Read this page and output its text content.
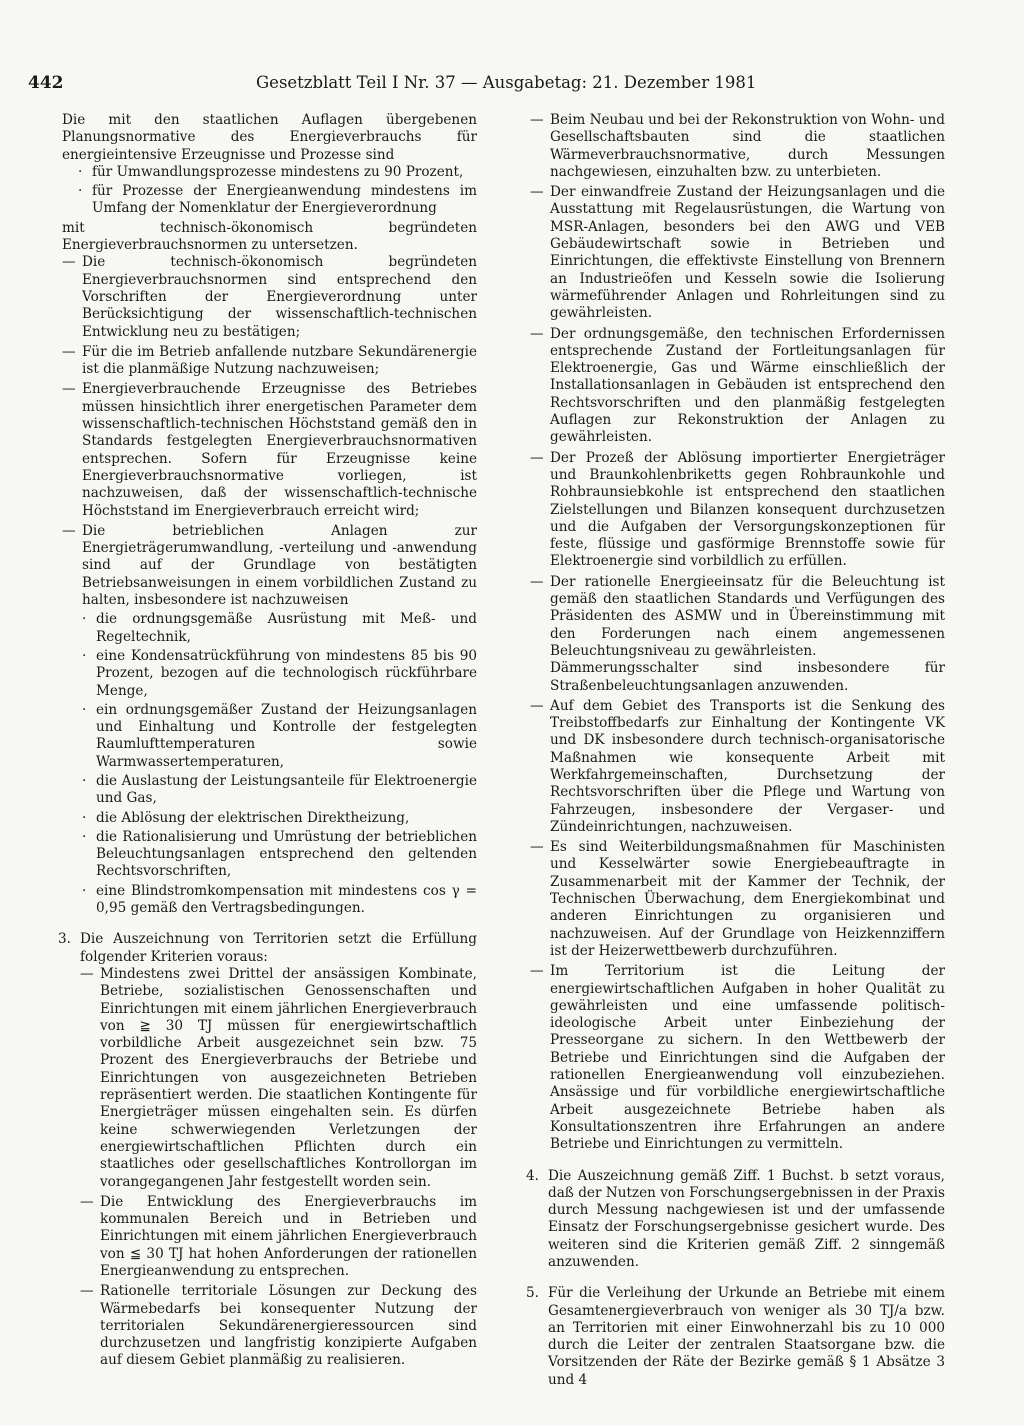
442	Gesetzblatt Teil I Nr. 37 — Ausgabetag: 21. Dezember 1981

Die mit den staatlichen Auflagen übergebenen Planungsnormative des Energieverbrauchs für energieintensive Erzeugnisse und Prozesse sind

· für Umwandlungsprozesse mindestens zu 90 Prozent,
· für Prozesse der Energieanwendung mindestens im Umfang der Nomenklatur der Energieverordnung

mit technisch-ökonomisch begründeten Energieverbrauchsnormen zu untersetzen.

— Die technisch-ökonomisch begründeten Energieverbrauchsnormen sind entsprechend den Vorschriften der Energieverordnung unter Berücksichtigung der wissenschaftlich-technischen Entwicklung neu zu bestätigen;
— Für die im Betrieb anfallende nutzbare Sekundärenergie ist die planmäßige Nutzung nachzuweisen;
— Energieverbrauchende Erzeugnisse des Betriebes müssen hinsichtlich ihrer energetischen Parameter dem wissenschaftlich-technischen Höchststand gemäß den in Standards festgelegten Energieverbrauchsnormativen entsprechen. Sofern für Erzeugnisse keine Energieverbrauchsnormative vorliegen, ist nachzuweisen, daß der wissenschaftlich-technische Höchststand im Energieverbrauch erreicht wird;
— Die betrieblichen Anlagen zur Energieträgerumwandlung, -verteilung und -anwendung sind auf der Grundlage von bestätigten Betriebsanweisungen in einem vorbildlichen Zustand zu halten, insbesondere ist nachzuweisen
· die ordnungsgemäße Ausrüstung mit Meß- und Regeltechnik,
· eine Kondensatrückführung von mindestens 85 bis 90 Prozent, bezogen auf die technologisch rückführbare Menge,
· ein ordnungsgemäßer Zustand der Heizungsanlagen und Einhaltung und Kontrolle der festgelegten Raumlufttemperaturen sowie Warmwassertemperaturen,
· die Auslastung der Leistungsanteile für Elektroenergie und Gas,
· die Ablösung der elektrischen Direktheizung,
· die Rationalisierung und Umrüstung der betrieblichen Beleuchtungsanlagen entsprechend den geltenden Rechtsvorschriften,
· eine Blindstromkompensation mit mindestens cos γ = 0,95 gemäß den Vertragsbedingungen.
3. Die Auszeichnung von Territorien setzt die Erfüllung folgender Kriterien voraus:

— Mindestens zwei Drittel der ansässigen Kombinate, Betriebe, sozialistischen Genossenschaften und Einrichtungen mit einem jährlichen Energieverbrauch von ≧ 30 TJ müssen für energiewirtschaftlich vorbildliche Arbeit ausgezeichnet sein bzw. 75 Prozent des Energieverbrauchs der Betriebe und Einrichtungen von ausgezeichneten Betrieben repräsentiert werden. Die staatlichen Kontingente für Energieträger müssen eingehalten sein. Es dürfen keine schwerwiegenden Verletzungen der energiewirtschaftlichen Pflichten durch ein staatliches oder gesellschaftliches Kontrollorgan im vorangegangenen Jahr festgestellt worden sein.
— Die Entwicklung des Energieverbrauchs im kommunalen Bereich und in Betrieben und Einrichtungen mit einem jährlichen Energieverbrauch von ≦ 30 TJ hat hohen Anforderungen der rationellen Energieanwendung zu entsprechen.
— Rationelle territoriale Lösungen zur Deckung des Wärmebedarfs bei konsequenter Nutzung der territorialen Sekundärenergieressourcen sind durchzusetzen und langfristig konzipierte Aufgaben auf diesem Gebiet planmäßig zu realisieren.
— Beim Neubau und bei der Rekonstruktion von Wohn- und Gesellschaftsbauten sind die staatlichen Wärmeverbrauchsnormative, durch Messungen nachgewiesen, einzuhalten bzw. zu unterbieten.
— Der einwandfreie Zustand der Heizungsanlagen und die Ausstattung mit Regelausrüstungen, die Wartung von MSR-Anlagen, besonders bei den AWG und VEB Gebäudewirtschaft sowie in Betrieben und Einrichtungen, die effektivste Einstellung von Brennern an Industrieöfen und Kesseln sowie die Isolierung wärmeführender Anlagen und Rohrleitungen sind zu gewährleisten.
— Der ordnungsgemäße, den technischen Erfordernissen entsprechende Zustand der Fortleitungsanlagen für Elektroenergie, Gas und Wärme einschließlich der Installationsanlagen in Gebäuden ist entsprechend den Rechtsvorschriften und den planmäßig festgelegten Auflagen zur Rekonstruktion der Anlagen zu gewährleisten.
— Der Prozeß der Ablösung importierter Energieträger und Braunkohlenbriketts gegen Rohbraunkohle und Rohbraunsiebkohle ist entsprechend den staatlichen Zielstellungen und Bilanzen konsequent durchzusetzen und die Aufgaben der Versorgungskonzeptionen für feste, flüssige und gasförmige Brennstoffe sowie für Elektroenergie sind vorbildlich zu erfüllen.
— Der rationelle Energieeinsatz für die Beleuchtung ist gemäß den staatlichen Standards und Verfügungen des Präsidenten des ASMW und in Übereinstimmung mit den Forderungen nach einem angemessenen Beleuchtungsniveau zu gewährleisten.
Dämmerungsschalter sind insbesondere für Straßenbeleuchtungsanlagen anzuwenden.
— Auf dem Gebiet des Transports ist die Senkung des Treibstoffbedarfs zur Einhaltung der Kontingente VK und DK insbesondere durch technisch-organisatorische Maßnahmen wie konsequente Arbeit mit Werkfahrgemeinschaften, Durchsetzung der Rechtsvorschriften über die Pflege und Wartung von Fahrzeugen, insbesondere der Vergaser- und Zündeinrichtungen, nachzuweisen.
— Es sind Weiterbildungsmaßnahmen für Maschinisten und Kesselwärter sowie Energiebeauftragte in Zusammenarbeit mit der Kammer der Technik, der Technischen Überwachung, dem Energiekombinat und anderen Einrichtungen zu organisieren und nachzuweisen. Auf der Grundlage von Heizkennziffern ist der Heizerwettbewerb durchzuführen.
— Im Territorium ist die Leitung der energiewirtschaftlichen Aufgaben in hoher Qualität zu gewährleisten und eine umfassende politisch-ideologische Arbeit unter Einbeziehung der Presseorgane zu sichern. In den Wettbewerb der Betriebe und Einrichtungen sind die Aufgaben der rationellen Energieanwendung voll einzubeziehen. Ansässige und für vorbildliche energiewirtschaftliche Arbeit ausgezeichnete Betriebe haben als Konsultationszentren ihre Erfahrungen an andere Betriebe und Einrichtungen zu vermitteln.
4. Die Auszeichnung gemäß Ziff. 1 Buchst. b setzt voraus, daß der Nutzen von Forschungsergebnissen in der Praxis durch Messung nachgewiesen ist und der umfassende Einsatz der Forschungsergebnisse gesichert wurde. Des weiteren sind die Kriterien gemäß Ziff. 2 sinngemäß anzuwenden.

5. Für die Verleihung der Urkunde an Betriebe mit einem Gesamtenergieverbrauch von weniger als 30 TJ/a bzw. an Territorien mit einer Einwohnerzahl bis zu 10 000 durch die Leiter der zentralen Staatsorgane bzw. die Vorsitzenden der Räte der Bezirke gemäß § 1 Absätze 3 und 4
